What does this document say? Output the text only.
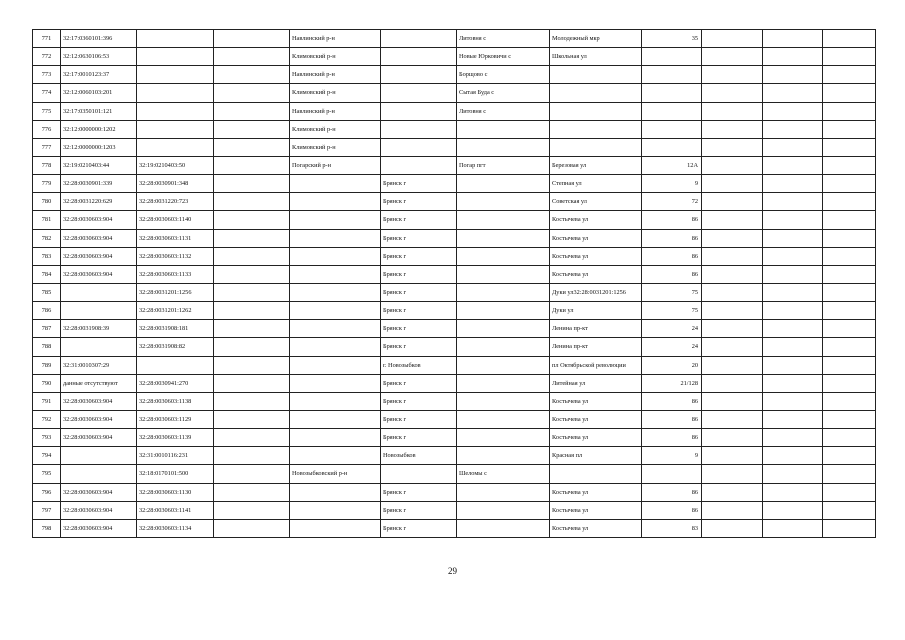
771	32:17:0360101:396			Навлинский р-н		Литовня с	Молодежный мкр	35			
772	32:12:0630106:53			Климовский р-н		Новые Юрковичи с	Школьная ул				
773	32:17:0010123:37			Навлинский р-н		Борщово с					
774	32:12:0060103:201			Климовский р-н		Сытая Буда с					
775	32:17:0350101:121			Навлинский р-н		Литовня с					
776	32:12:0000000:1202			Климовский р-н							
777	32:12:0000000:1203			Климовский р-н							
778	32:19:0210403:44	32:19:0210403:50		Погарский р-н		Погар пгт	Березовая ул	12А			
779	32:28:0030901:339	32:28:0030901:348			Брянск г		Степная ул	9			
780	32:28:0031220:629	32:28:0031220:723			Брянск г		Советская ул	72			
781	32:28:0030603:904	32:28:0030603:1140			Брянск г		Костычева ул	86			
782	32:28:0030603:904	32:28:0030603:1131			Брянск г		Костычева ул	86			
783	32:28:0030603:904	32:28:0030603:1132			Брянск г		Костычева ул	86			
784	32:28:0030603:904	32:28:0030603:1133			Брянск г		Костычева ул	86			
785		32:28:0031201:1256			Брянск г		Дуки ул32:28:0031201:1256	75			
786		32:28:0031201:1262			Брянск г		Дуки ул	75			
787	32:28:0031908:39	32:28:0031908:181			Брянск г		Ленина пр-кт	24			
788		32:28:0031908:82			Брянск г		Ленина пр-кт	24			
789	32:31:0010307:29				г. Новозыбков		пл Октябрьской революции	20			
790	данные отсутствуют	32:28:0030941:270			Брянск г		Литейная ул	21/128			
791	32:28:0030603:904	32:28:0030603:1138			Брянск г		Костычева ул	86			
792	32:28:0030603:904	32:28:0030603:1129			Брянск г		Костычева ул	86			
793	32:28:0030603:904	32:28:0030603:1139			Брянск г		Костычева ул	86			
794		32:31:0010116:231			Новозыбков		Красная пл	9			
795		32:18:0170101:500		Новозыбковский р-н		Шеломы с					
796	32:28:0030603:904	32:28:0030603:1130			Брянск г		Костычева ул	86			
797	32:28:0030603:904	32:28:0030603:1141			Брянск г		Костычева ул	86			
798	32:28:0030603:904	32:28:0030603:1134			Брянск г		Костычева ул	83			
29
